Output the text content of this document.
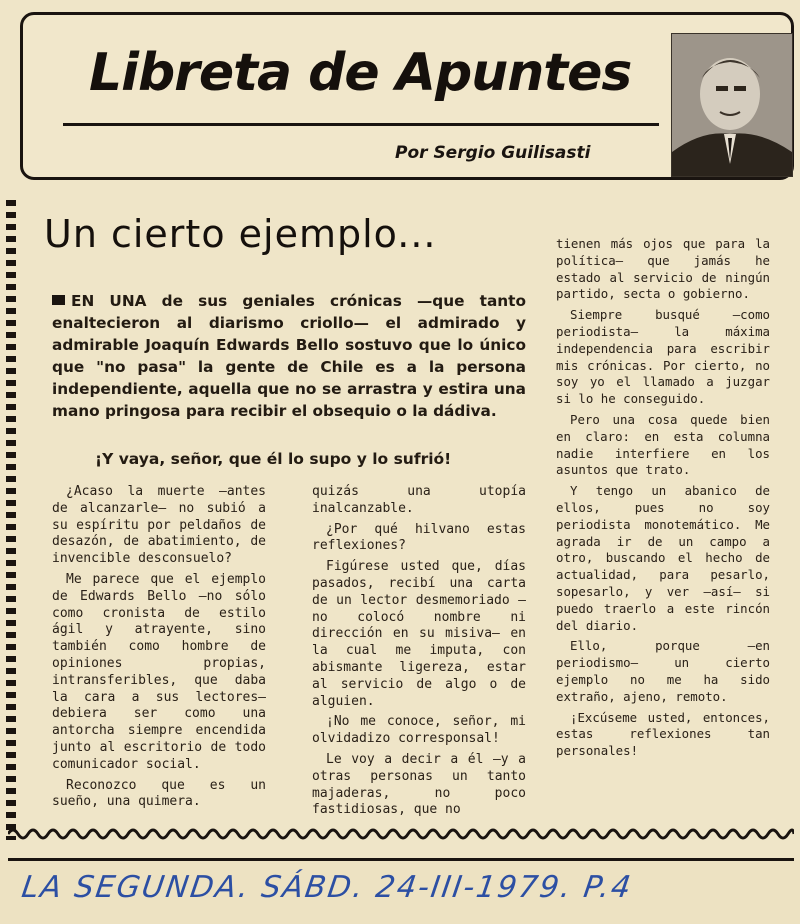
Libreta de Apuntes
Por Sergio Guilisasti
Un cierto ejemplo...
EN UNA de sus geniales crónicas —que tanto enaltecieron al diarismo criollo— el admirado y admirable Joaquín Edwards Bello sostuvo que lo único que "no pasa" la gente de Chile es a la persona independiente, aquella que no se arrastra y estira una mano pringosa para recibir el obsequio o la dádiva.
¡Y vaya, señor, que él lo supo y lo sufrió!

¿Acaso la muerte —antes de alcanzarle— no subió a su espíritu por peldaños de desazón, de abatimiento, de invencible desconsuelo?

Me parece que el ejemplo de Edwards Bello —no sólo como cronista de estilo ágil y atrayente, sino también como hombre de opiniones propias, intransferibles, que daba la cara a sus lectores— debiera ser como una antorcha siempre encendida junto al escritorio de todo comunicador social.

Reconozco que es un sueño, una quimera.

quizás una utopía inalcanzable.

¿Por qué hilvano estas reflexiones?

Figúrese usted que, días pasados, recibí una carta de un lector desmemoriado —no colocó nombre ni dirección en su misiva— en la cual me imputa, con abismante ligereza, estar al servicio de algo o de alguien.

¡No me conoce, señor, mi olvidadizo corresponsal!

Le voy a decir a él —y a otras personas un tanto majaderas, no poco fastidiosas, que no

tienen más ojos que para la política— que jamás he estado al servicio de ningún partido, secta o gobierno.

Siempre busqué —como periodista— la máxima independencia para escribir mis crónicas. Por cierto, no soy yo el llamado a juzgar si lo he conseguido.

Pero una cosa quede bien en claro: en esta columna nadie interfiere en los asuntos que trato.

Y tengo un abanico de ellos, pues no soy periodista monotemático. Me agrada ir de un campo a otro, buscando el hecho de actualidad, para pesarlo, sopesarlo, y ver —así— si puedo traerlo a este rincón del diario.

Ello, porque —en periodismo— un cierto ejemplo no me ha sido extraño, ajeno, remoto.

¡Excúseme usted, entonces, estas reflexiones tan personales!

LA SEGUNDA. SÁBD. 24-III-1979. P.4
